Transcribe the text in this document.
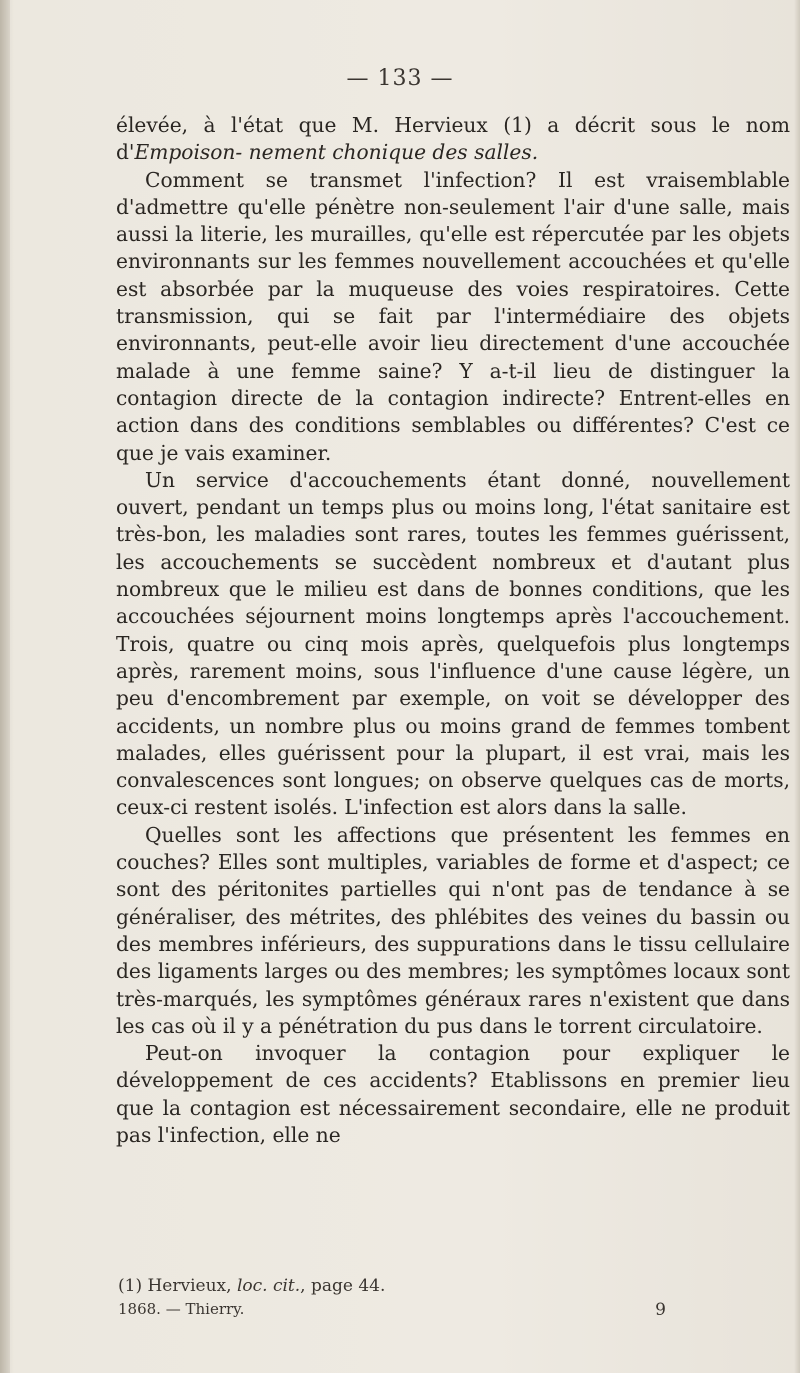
— 133 —

élevée, à l'état que M. Hervieux (1) a décrit sous le nom d'Empoison- nement chonique des salles.

Comment se transmet l'infection? Il est vraisemblable d'admettre qu'elle pénètre non-seulement l'air d'une salle, mais aussi la literie, les murailles, qu'elle est répercutée par les objets environnants sur les femmes nouvellement accouchées et qu'elle est absorbée par la muqueuse des voies respiratoires. Cette transmission, qui se fait par l'intermédiaire des objets environnants, peut-elle avoir lieu directement d'une accouchée malade à une femme saine? Y a-t-il lieu de distinguer la contagion directe de la contagion indirecte? Entrent-elles en action dans des conditions semblables ou différentes? C'est ce que je vais examiner.

Un service d'accouchements étant donné, nouvellement ouvert, pendant un temps plus ou moins long, l'état sanitaire est très-bon, les maladies sont rares, toutes les femmes guérissent, les accouchements se succèdent nombreux et d'autant plus nombreux que le milieu est dans de bonnes conditions, que les accouchées séjournent moins longtemps après l'accouchement. Trois, quatre ou cinq mois après, quelquefois plus longtemps après, rarement moins, sous l'influence d'une cause légère, un peu d'encombrement par exemple, on voit se développer des accidents, un nombre plus ou moins grand de femmes tombent malades, elles guérissent pour la plupart, il est vrai, mais les convalescences sont longues; on observe quelques cas de morts, ceux-ci restent isolés. L'infection est alors dans la salle.

Quelles sont les affections que présentent les femmes en couches? Elles sont multiples, variables de forme et d'aspect; ce sont des péritonites partielles qui n'ont pas de tendance à se généraliser, des métrites, des phlébites des veines du bassin ou des membres inférieurs, des suppurations dans le tissu cellulaire des ligaments larges ou des membres; les symptômes locaux sont très-marqués, les symptômes généraux rares n'existent que dans les cas où il y a pénétration du pus dans le torrent circulatoire.

Peut-on invoquer la contagion pour expliquer le développement de ces accidents? Etablissons en premier lieu que la contagion est nécessairement secondaire, elle ne produit pas l'infection, elle ne

(1) Hervieux, loc. cit., page 44.
1868. — Thierry.	9
